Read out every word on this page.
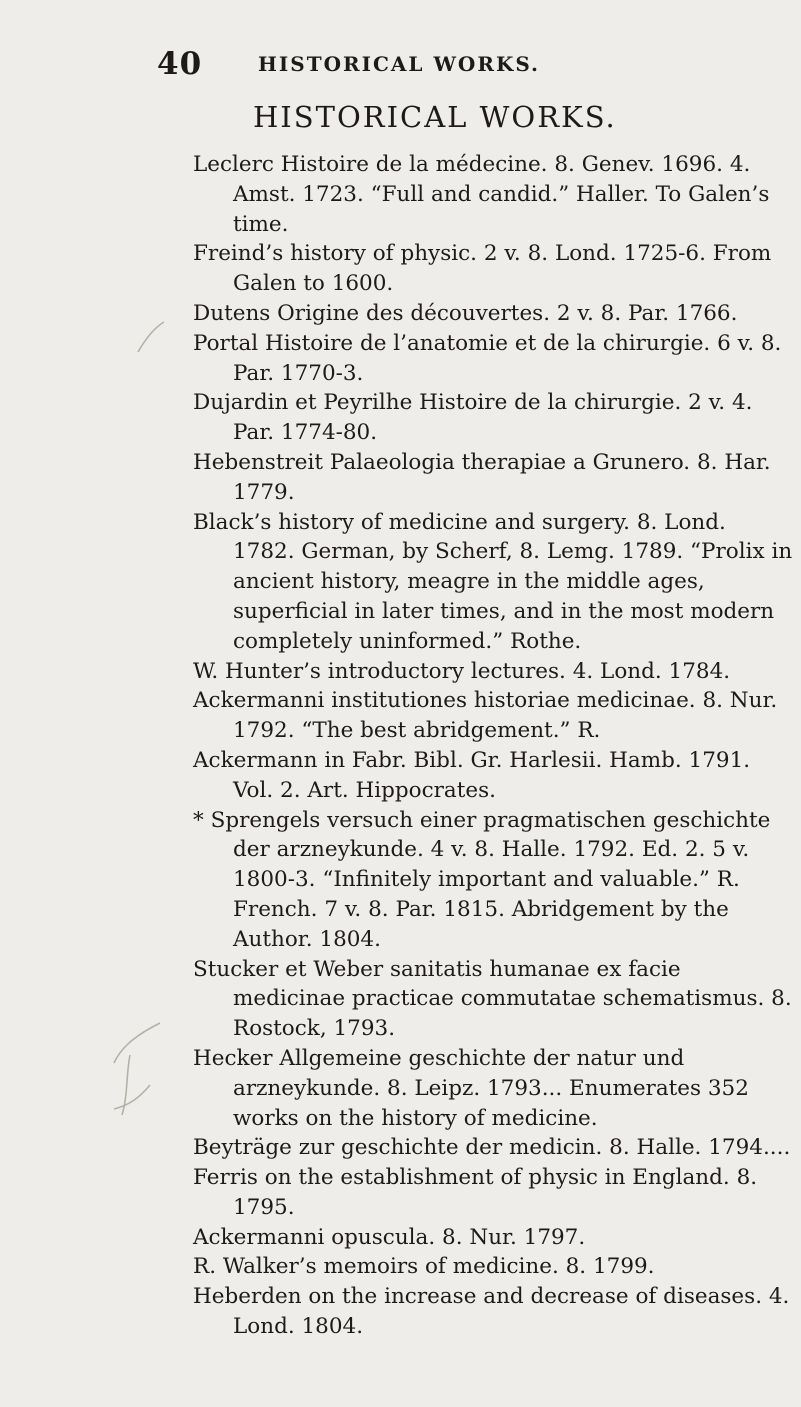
40	HISTORICAL WORKS.
HISTORICAL WORKS.

Leclerc Histoire de la médecine. 8. Genev. 1696. 4. Amst. 1723. “Full and candid.” Haller. To Galen’s time.

Freind’s history of physic. 2 v. 8. Lond. 1725-6. From Galen to 1600.

Dutens Origine des découvertes. 2 v. 8. Par. 1766.

Portal Histoire de l’anatomie et de la chirurgie. 6 v. 8. Par. 1770-3.

Dujardin et Peyrilhe Histoire de la chirurgie. 2 v. 4. Par. 1774-80.

Hebenstreit Palaeologia therapiae a Grunero. 8. Har. 1779.

Black’s history of medicine and surgery. 8. Lond. 1782. German, by Scherf, 8. Lemg. 1789. “Prolix in ancient history, meagre in the middle ages, superficial in later times, and in the most modern completely uninformed.” Rothe.

W. Hunter’s introductory lectures. 4. Lond. 1784.

Ackermanni institutiones historiae medicinae. 8. Nur. 1792. “The best abridgement.” R.

Ackermann in Fabr. Bibl. Gr. Harlesii. Hamb. 1791. Vol. 2. Art. Hippocrates.

* Sprengels versuch einer pragmatischen geschichte der arzneykunde. 4 v. 8. Halle. 1792. Ed. 2. 5 v. 1800-3. “Infinitely important and valuable.” R. French. 7 v. 8. Par. 1815. Abridgement by the Author. 1804.

Stucker et Weber sanitatis humanae ex facie medicinae practicae commutatae schematismus. 8. Rostock, 1793.

Hecker Allgemeine geschichte der natur und arzneykunde. 8. Leipz. 1793... Enumerates 352 works on the history of medicine.

Beyträge zur geschichte der medicin. 8. Halle. 1794....

Ferris on the establishment of physic in England. 8. 1795.

Ackermanni opuscula. 8. Nur. 1797.

R. Walker’s memoirs of medicine. 8. 1799.

Heberden on the increase and decrease of diseases. 4. Lond. 1804.
